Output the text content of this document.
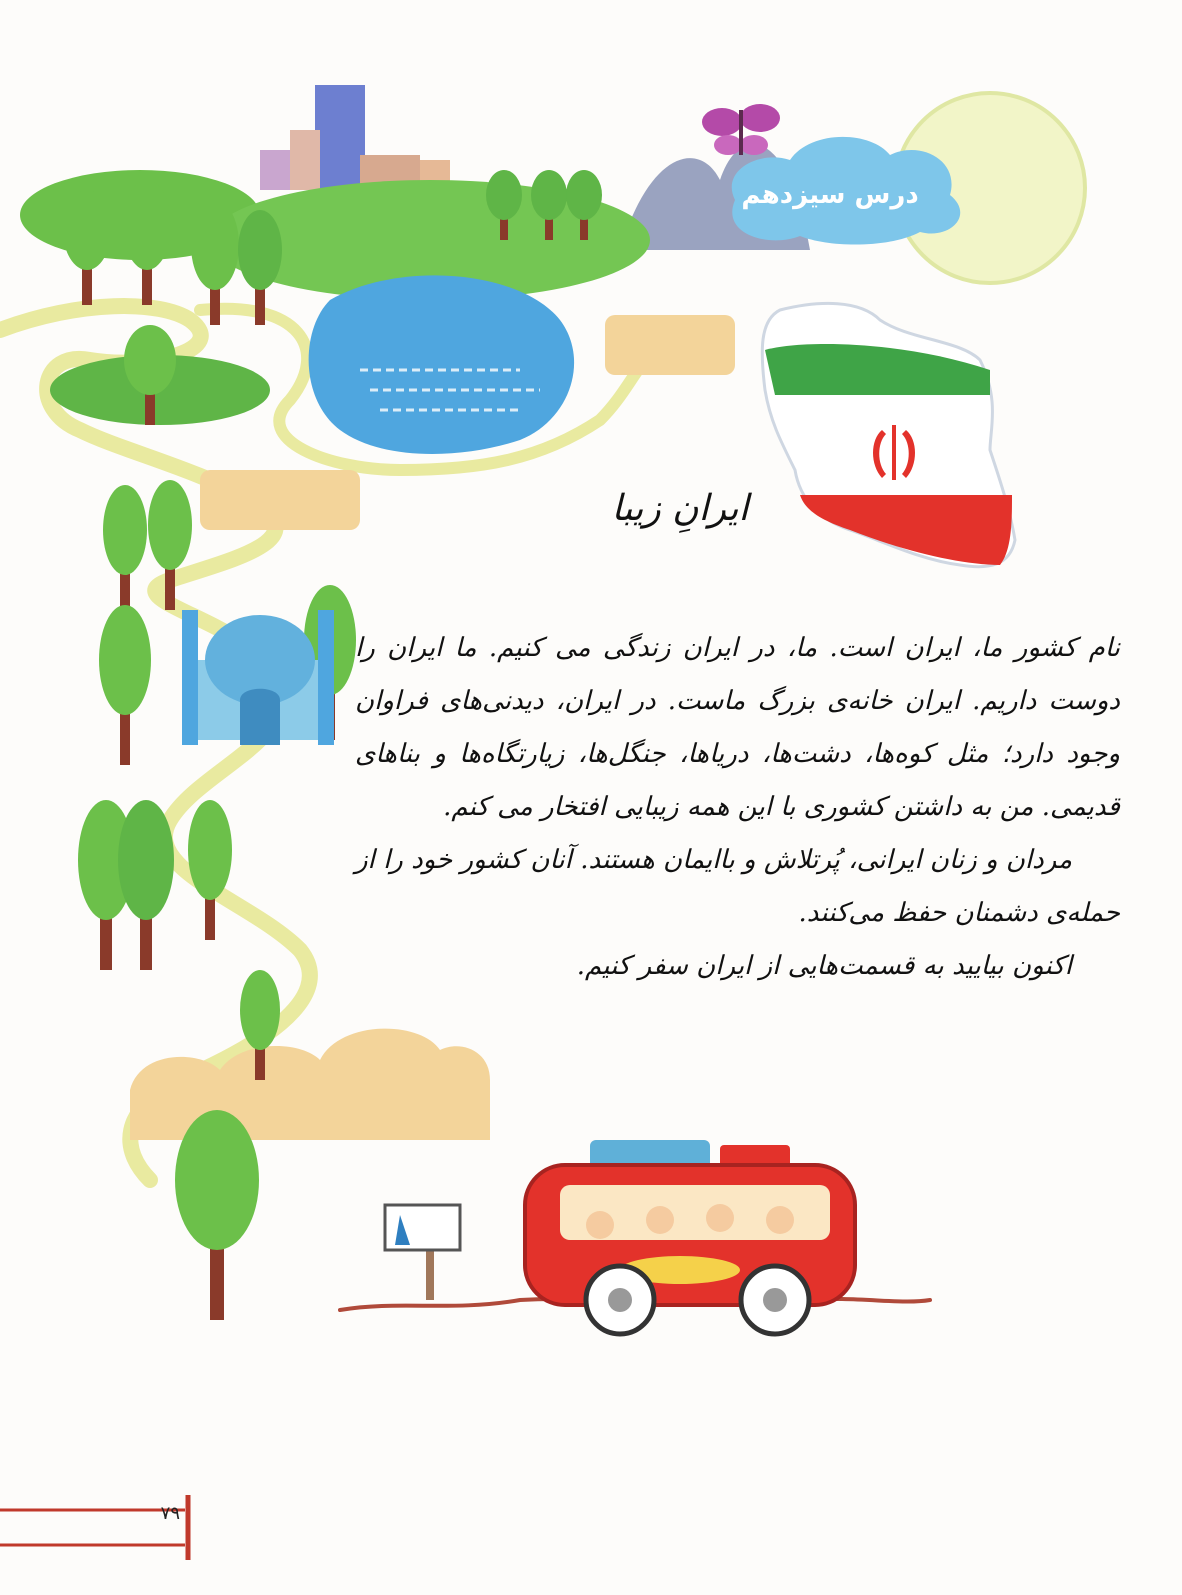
درس سیزدهم
ایرانِ زیبا

نام کشور ما، ایران است. ما، در ایران زندگی می کنیم. ما ایران را دوست داریم. ایران خانه‌ی بزرگ ماست. در ایران، دیدنی‌های فراوان وجود دارد؛ مثل کوه‌ها، دشت‌ها، دریاها، جنگل‌ها، زیارتگاه‌ها و بناهای قدیمی. من به داشتن کشوری با این همه زیبایی افتخار می کنم.

مردان و زنان ایرانی، پُرتلاش و باایمان هستند. آنان کشور خود را از حمله‌ی دشمنان حفظ می‌کنند.

اکنون بیایید به قسمت‌هایی از ایران سفر کنیم.

۷۹
